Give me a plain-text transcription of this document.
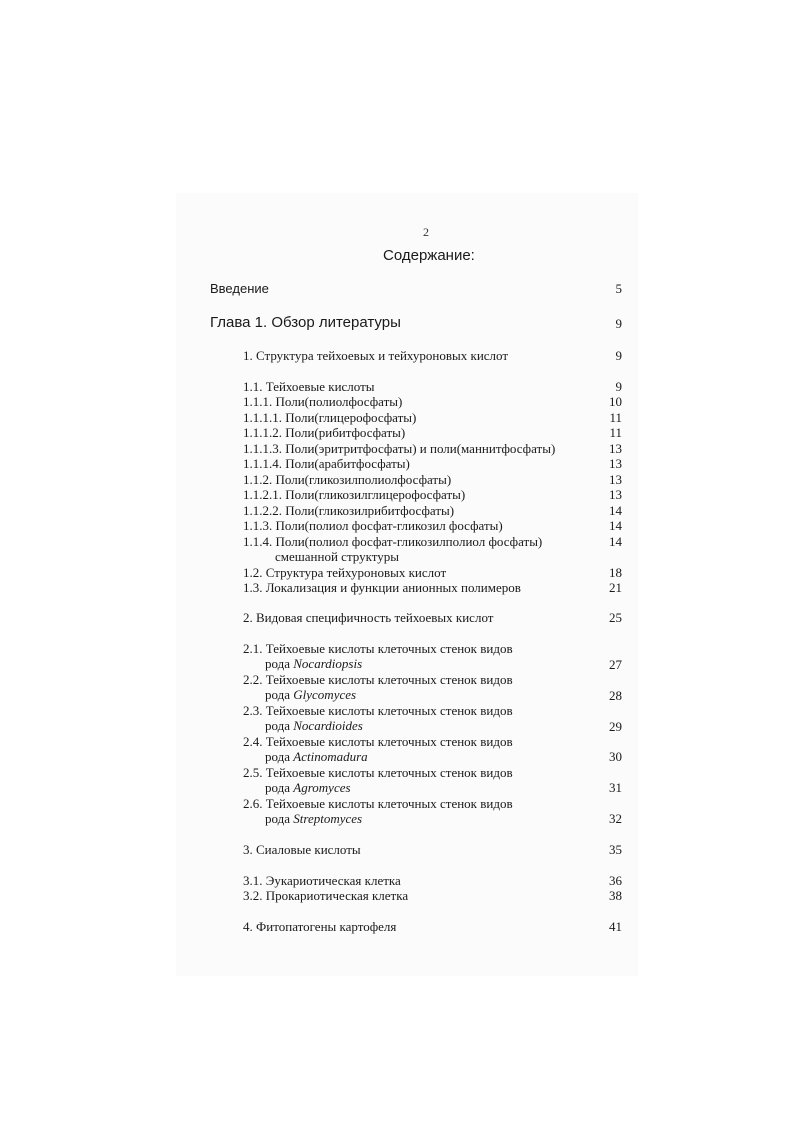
2
Содержание:
Введение	5
Глава 1. Обзор литературы	9
1. Структура тейхоевых и тейхуроновых кислот	9
1.1. Тейхоевые кислоты	9
1.1.1. Поли(полиолфосфаты)	10
1.1.1.1. Поли(глицерофосфаты)	11
1.1.1.2. Поли(рибитфосфаты)	11
1.1.1.3. Поли(эритритфосфаты) и поли(маннитфосфаты)	13
1.1.1.4. Поли(арабитфосфаты)	13
1.1.2. Поли(гликозилполиолфосфаты)	13
1.1.2.1. Поли(гликозилглицерофосфаты)	13
1.1.2.2. Поли(гликозилрибитфосфаты)	14
1.1.3. Поли(полиол фосфат-гликозил фосфаты)	14
1.1.4. Поли(полиол фосфат-гликозилполиол фосфаты)	14
смешанной структуры
1.2. Структура тейхуроновых кислот	18
1.3. Локализация и функции анионных полимеров	21
2. Видовая специфичность тейхоевых кислот	25
2.1. Тейхоевые кислоты клеточных стенок видов
рода Nocardiopsis	27
2.2. Тейхоевые кислоты клеточных стенок видов
рода Glycomyces	28
2.3. Тейхоевые кислоты клеточных стенок видов
рода Nocardioides	29
2.4. Тейхоевые кислоты клеточных стенок видов
рода Actinomadura	30
2.5. Тейхоевые кислоты клеточных стенок видов
рода Agromyces	31
2.6. Тейхоевые кислоты клеточных стенок видов
рода Streptomyces	32
3. Сиаловые кислоты	35
3.1. Эукариотическая клетка	36
3.2. Прокариотическая клетка	38
4. Фитопатогены картофеля	41
